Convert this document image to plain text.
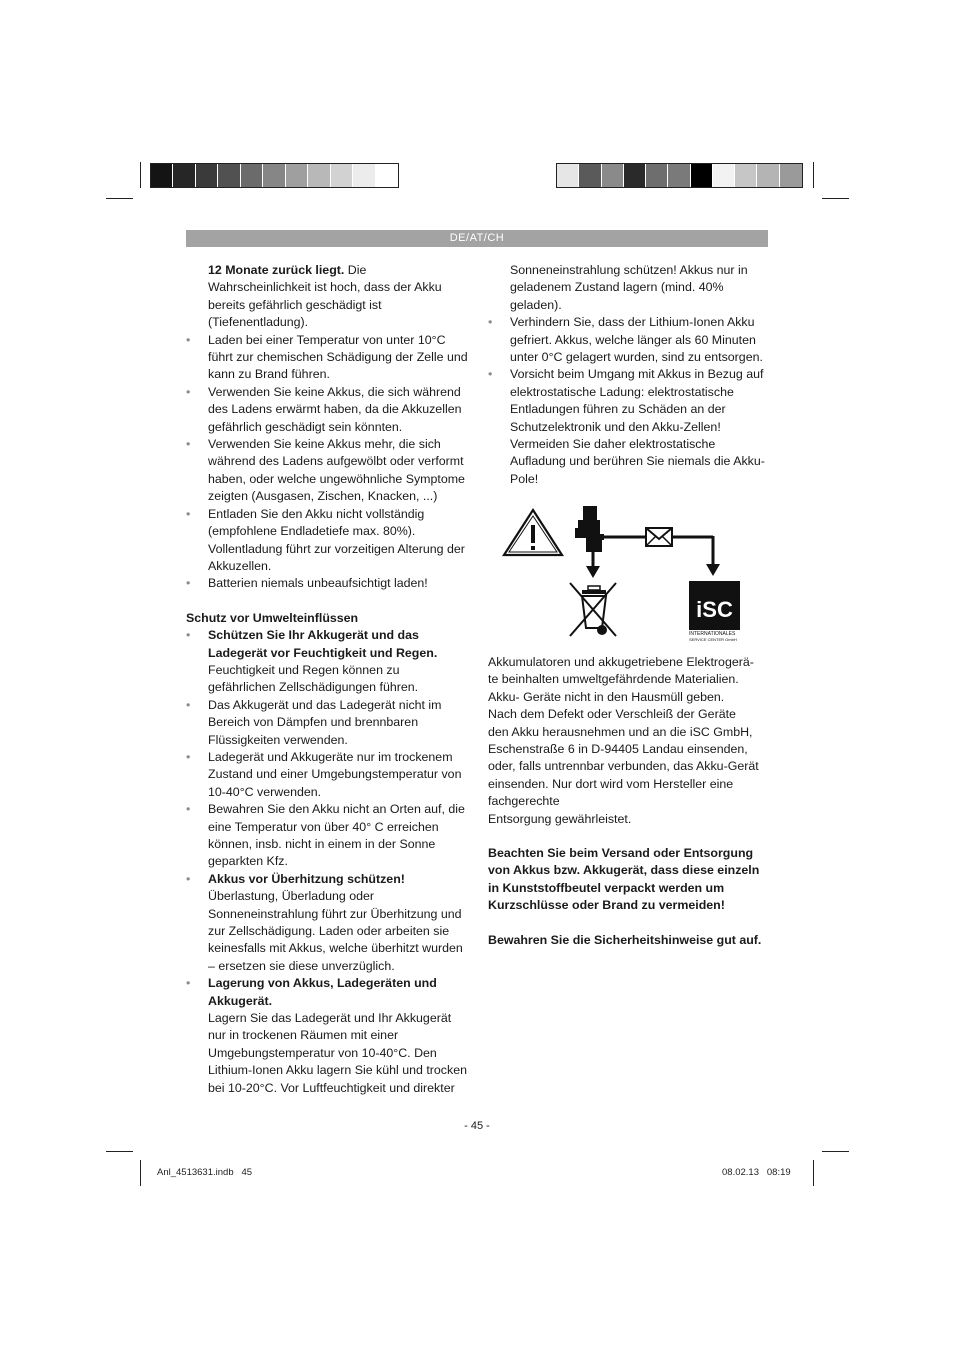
DE/AT/CH

12 Monate zurück liegt. Die Wahrscheinlichkeit ist hoch, dass der Akku bereits gefährlich geschädigt ist (Tiefenentladung).

• Laden bei einer Temperatur von unter 10°C führt zur chemischen Schädigung der Zelle und kann zu Brand führen.

• Verwenden Sie keine Akkus, die sich während des Ladens erwärmt haben, da die Akkuzellen gefährlich geschädigt sein könnten.

• Verwenden Sie keine Akkus mehr, die sich während des Ladens aufgewölbt oder verformt haben, oder welche ungewöhnliche Symptome zeigten (Ausgasen, Zischen, Knacken, ...)

• Entladen Sie den Akku nicht vollständig (empfohlene Endladetiefe max. 80%). Vollentladung führt zur vorzeitigen Alterung der Akkuzellen.

• Batterien niemals unbeaufsichtigt laden!

Schutz vor Umwelteinflüssen

• Schützen Sie Ihr Akkugerät und das Ladegerät vor Feuchtigkeit und Regen. Feuchtigkeit und Regen können zu gefährlichen Zellschädigungen führen.

• Das Akkugerät und das Ladegerät nicht im Bereich von Dämpfen und brennbaren Flüssigkeiten verwenden.

• Ladegerät und Akkugeräte nur im trockenem Zustand und einer Umgebungstemperatur von 10-40°C verwenden.

• Bewahren Sie den Akku nicht an Orten auf, die eine Temperatur von über 40° C erreichen können, insb. nicht in einem in der Sonne geparkten Kfz.

• Akkus vor Überhitzung schützen!
Überlastung, Überladung oder Sonneneinstrahlung führt zur Überhitzung und zur Zellschädigung. Laden oder arbeiten sie keinesfalls mit Akkus, welche überhitzt wurden – ersetzen sie diese unverzüglich.

• Lagerung von Akkus, Ladegeräten und Akkugerät.
Lagern Sie das Ladegerät und Ihr Akkugerät nur in trockenen Räumen mit einer Umgebungstemperatur von 10-40°C. Den Lithium-Ionen Akku lagern Sie kühl und trocken bei 10-20°C. Vor Luftfeuchtigkeit und direkter

Sonneneinstrahlung schützen! Akkus nur in geladenem Zustand lagern (mind. 40% geladen).

• Verhindern Sie, dass der Lithium-Ionen Akku gefriert. Akkus, welche länger als 60 Minuten unter 0°C gelagert wurden, sind zu entsorgen.

• Vorsicht beim Umgang mit Akkus in Bezug auf elektrostatische Ladung: elektrostatische Entladungen führen zu Schäden an der Schutzelektronik und den Akku-Zellen! Vermeiden Sie daher elektrostatische Aufladung und berühren Sie niemals die Akku-Pole!

iSC
INTERNATIONALES
SERVICE CENTER GmbH

Akkumulatoren und akkugetriebene Elektrogerä-

te beinhalten umweltgefährdende Materialien.

Akku- Geräte nicht in den Hausmüll geben.

Nach dem Defekt oder Verschleiß der Geräte

den Akku herausnehmen und an die iSC GmbH,

Eschenstraße 6 in D-94405 Landau einsenden,

oder, falls untrennbar verbunden, das Akku-Gerät

einsenden. Nur dort wird vom Hersteller eine

fachgerechte

Entsorgung gewährleistet.

Beachten Sie beim Versand oder Entsorgung von Akkus bzw. Akkugerät, dass diese einzeln in Kunststoffbeutel verpackt werden um Kurzschlüsse oder Brand zu vermeiden!

Bewahren Sie die Sicherheitshinweise gut auf.

- 45 -
Anl_4513631.indb   45	08.02.13   08:19
